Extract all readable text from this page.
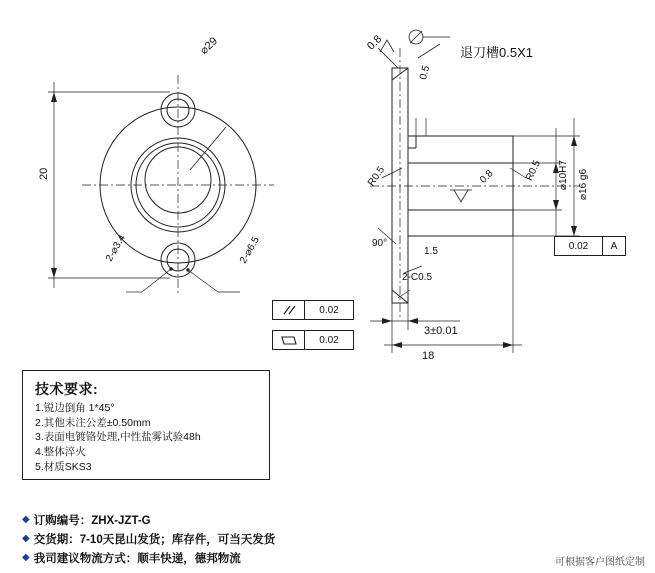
⌀29
20
2-⌀3.4	2-⌀6.5
0.8
退刀槽0.5X1
0.5
0.8
R0.5	R0.5
90°
1.5
2-C0.5
3±0.01
18
⌀10H7 ⌀16 g6
0.02
0.02
0.02	A
技术要求:
1.锐边倒角 1*45°
2.其他未注公差±0.50mm
3.表面电镀铬处理,中性盐雾试验48h
4.整体淬火
5.材质SKS3
◆ 订购编号：ZHX-JZT-G
◆ 交货期：7-10天昆山发货；库存件，可当天发货
◆ 我司建议物流方式：顺丰快递，德邦物流	可根据客户图纸定制
